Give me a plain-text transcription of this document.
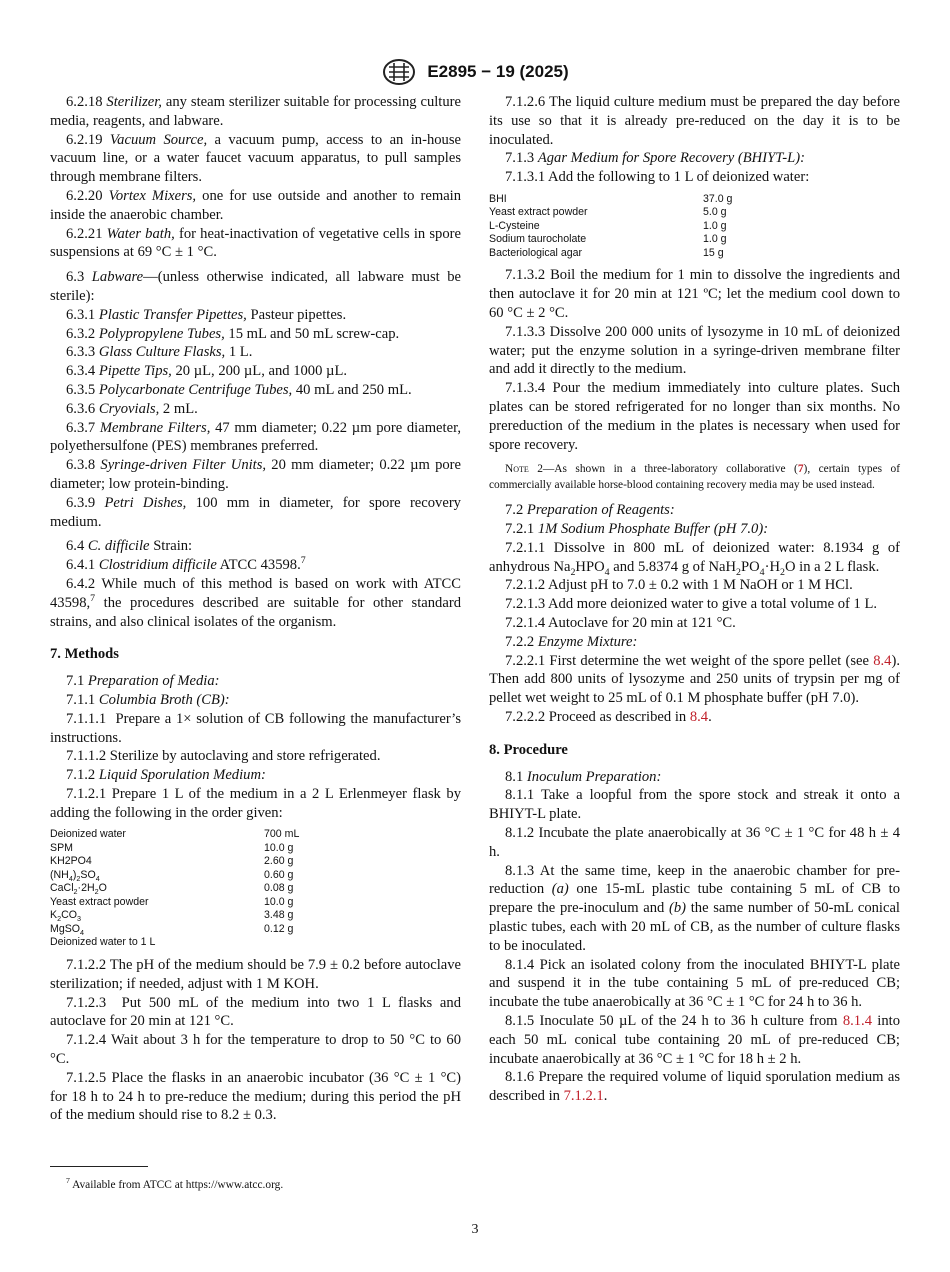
E2895 − 19 (2025)

6.2.18 Sterilizer, any steam sterilizer suitable for processing culture media, reagents, and labware.

6.2.19 Vacuum Source, a vacuum pump, access to an in-house vacuum line, or a water faucet vacuum apparatus, to pull samples through membrane filters.

6.2.20 Vortex Mixers, one for use outside and another to remain inside the anaerobic chamber.

6.2.21 Water bath, for heat-inactivation of vegetative cells in spore suspensions at 69 °C ± 1 °C.

6.3 Labware—(unless otherwise indicated, all labware must be sterile):

6.3.1 Plastic Transfer Pipettes, Pasteur pipettes.

6.3.2 Polypropylene Tubes, 15 mL and 50 mL screw-cap.

6.3.3 Glass Culture Flasks, 1 L.

6.3.4 Pipette Tips, 20 µL, 200 µL, and 1000 µL.

6.3.5 Polycarbonate Centrifuge Tubes, 40 mL and 250 mL.

6.3.6 Cryovials, 2 mL.

6.3.7 Membrane Filters, 47 mm diameter; 0.22 µm pore diameter, polyethersulfone (PES) membranes preferred.

6.3.8 Syringe-driven Filter Units, 20 mm diameter; 0.22 µm pore diameter; low protein-binding.

6.3.9 Petri Dishes, 100 mm in diameter, for spore recovery medium.

6.4 C. difficile Strain:

6.4.1 Clostridium difficile ATCC 43598.$^7$

6.4.2 While much of this method is based on work with ATCC 43598,$^7$ the procedures described are suitable for other standard strains, and also clinical isolates of the organism.

7. Methods

7.1 Preparation of Media:

7.1.1 Columbia Broth (CB):

7.1.1.1 Prepare a 1× solution of CB following the manufacturer’s instructions.

7.1.1.2 Sterilize by autoclaving and store refrigerated.

7.1.2 Liquid Sporulation Medium:

7.1.2.1 Prepare 1 L of the medium in a 2 L Erlenmeyer flask by adding the following in the order given:

Deionized water	700 mL
SPM	10.0 g
KH2PO4	2.60 g
$(NH_4)_2SO_4$	0.60 g
$CaCl_2\cdot 2H_2O$	0.08 g
Yeast extract powder	10.0 g
$K_2CO_3$	3.48 g
MgSO$_4$	0.12 g
Deionized water to 1 L	

7.1.2.2 The pH of the medium should be 7.9 ± 0.2 before autoclave sterilization; if needed, adjust with 1 M KOH.

7.1.2.3 Put 500 mL of the medium into two 1 L flasks and autoclave for 20 min at 121 °C.

7.1.2.4 Wait about 3 h for the temperature to drop to 50 °C to 60 °C.

7.1.2.5 Place the flasks in an anaerobic incubator (36 °C ± 1 °C) for 18 h to 24 h to pre-reduce the medium; during this period the pH of the medium should rise to 8.2 ± 0.3.

$^7$ Available from ATCC at https://www.atcc.org.

7.1.2.6 The liquid culture medium must be prepared the day before its use so that it is already pre-reduced on the day it is to be inoculated.

7.1.3 Agar Medium for Spore Recovery (BHIYT-L):

7.1.3.1 Add the following to 1 L of deionized water:

BHI	37.0 g
Yeast extract powder	5.0 g
L-Cysteine	1.0 g
Sodium taurocholate	1.0 g
Bacteriological agar	15 g

7.1.3.2 Boil the medium for 1 min to dissolve the ingredients and then autoclave it for 20 min at 121 ºC; let the medium cool down to 60 °C ± 2 °C.

7.1.3.3 Dissolve 200 000 units of lysozyme in 10 mL of deionized water; put the enzyme solution in a syringe-driven membrane filter and add it directly to the medium.

7.1.3.4 Pour the medium immediately into culture plates. Such plates can be stored refrigerated for no longer than six months. No prereduction of the medium in the plates is necessary when used for spore recovery.

Note 2—As shown in a three-laboratory collaborative (7), certain types of commercially available horse-blood containing recovery media may be used instead.

7.2 Preparation of Reagents:

7.2.1 1M Sodium Phosphate Buffer (pH 7.0):

7.2.1.1 Dissolve in 800 mL of deionized water: 8.1934 g of anhydrous $Na_2HPO_4$ and 5.8374 g of $NaH_2PO_4\cdot H_2O$ in a 2 L flask.

7.2.1.2 Adjust pH to 7.0 ± 0.2 with 1 M NaOH or 1 M HCl.

7.2.1.3 Add more deionized water to give a total volume of 1 L.

7.2.1.4 Autoclave for 20 min at 121 °C.

7.2.2 Enzyme Mixture:

7.2.2.1 First determine the wet weight of the spore pellet (see 8.4). Then add 800 units of lysozyme and 250 units of trypsin per mg of pellet wet weight to 25 mL of 0.1 M phosphate buffer (pH 7.0).

7.2.2.2 Proceed as described in 8.4.

8. Procedure

8.1 Inoculum Preparation:

8.1.1 Take a loopful from the spore stock and streak it onto a BHIYT-L plate.

8.1.2 Incubate the plate anaerobically at 36 °C ± 1 °C for 48 h ± 4 h.

8.1.3 At the same time, keep in the anaerobic chamber for pre-reduction (a) one 15-mL plastic tube containing 5 mL of CB to prepare the pre-inoculum and (b) the same number of 50-mL conical plastic tubes, each with 20 mL of CB, as the number of culture flasks to be inoculated.

8.1.4 Pick an isolated colony from the inoculated BHIYT-L plate and suspend it in the tube containing 5 mL of pre-reduced CB; incubate the tube anaerobically at 36 °C ± 1 °C for 24 h to 36 h.

8.1.5 Inoculate 50 µL of the 24 h to 36 h culture from 8.1.4 into each 50 mL conical tube containing 20 mL of pre-reduced CB; incubate anaerobically at 36 °C ± 1 °C for 18 h ± 2 h.

8.1.6 Prepare the required volume of liquid sporulation medium as described in 7.1.2.1.

3
